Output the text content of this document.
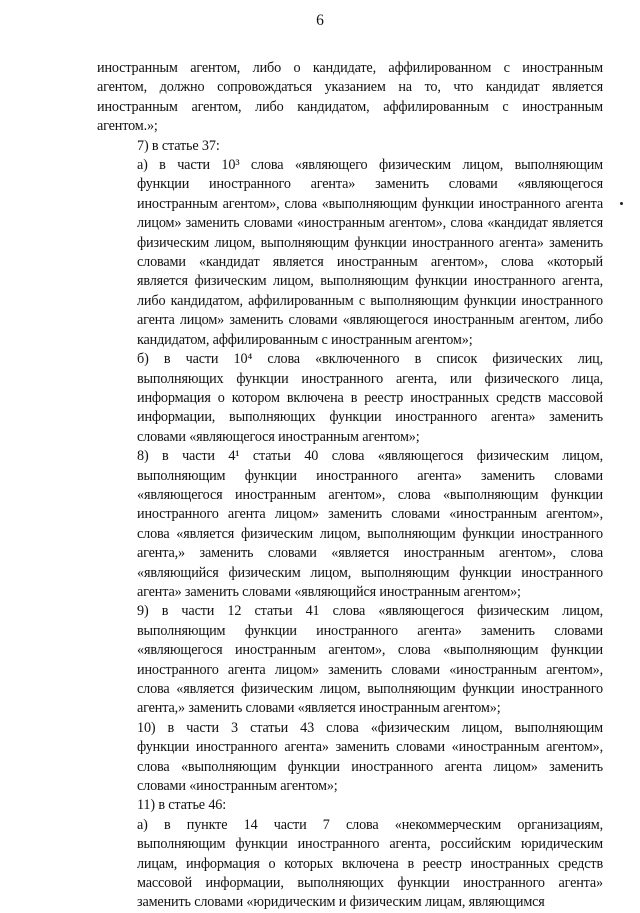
6

иностранным агентом, либо о кандидате, аффилированном с иностранным
агентом, должно сопровождаться указанием на то, что кандидат является
иностранным агентом, либо кандидатом, аффилированным с иностранным
агентом.»;

7) в статье 37:

а) в части 10³ слова «являющего физическим лицом, выполняющим
функции иностранного агента» заменить словами «являющегося
иностранным агентом», слова «выполняющим функции иностранного агента
лицом» заменить словами «иностранным агентом», слова «кандидат является
физическим лицом, выполняющим функции иностранного агента» заменить
словами «кандидат является иностранным агентом», слова «который
является физическим лицом, выполняющим функции иностранного агента,
либо кандидатом, аффилированным с выполняющим функции иностранного
агента лицом» заменить словами «являющегося иностранным агентом, либо
кандидатом, аффилированным с иностранным агентом»;

б) в части 10⁴ слова «включенного в список физических лиц,
выполняющих функции иностранного агента, или физического лица,
информация о котором включена в реестр иностранных средств массовой
информации, выполняющих функции иностранного агента» заменить
словами «являющегося иностранным агентом»;

8) в части 4¹ статьи 40 слова «являющегося физическим лицом,
выполняющим функции иностранного агента» заменить словами
«являющегося иностранным агентом», слова «выполняющим функции
иностранного агента лицом» заменить словами «иностранным агентом»,
слова «является физическим лицом, выполняющим функции иностранного
агента,» заменить словами «является иностранным агентом», слова
«являющийся физическим лицом, выполняющим функции иностранного
агента» заменить словами «являющийся иностранным агентом»;

9) в части 12 статьи 41 слова «являющегося физическим лицом,
выполняющим функции иностранного агента» заменить словами
«являющегося иностранным агентом», слова «выполняющим функции
иностранного агента лицом» заменить словами «иностранным агентом»,
слова «является физическим лицом, выполняющим функции иностранного
агента,» заменить словами «является иностранным агентом»;

10) в части 3 статьи 43 слова «физическим лицом, выполняющим
функции иностранного агента» заменить словами «иностранным агентом»,
слова «выполняющим функции иностранного агента лицом» заменить
словами «иностранным агентом»;

11) в статье 46:

а) в пункте 14 части 7 слова «некоммерческим организациям,
выполняющим функции иностранного агента, российским юридическим
лицам, информация о которых включена в реестр иностранных средств
массовой информации, выполняющих функции иностранного агента»
заменить словами «юридическим и физическим лицам, являющимся
